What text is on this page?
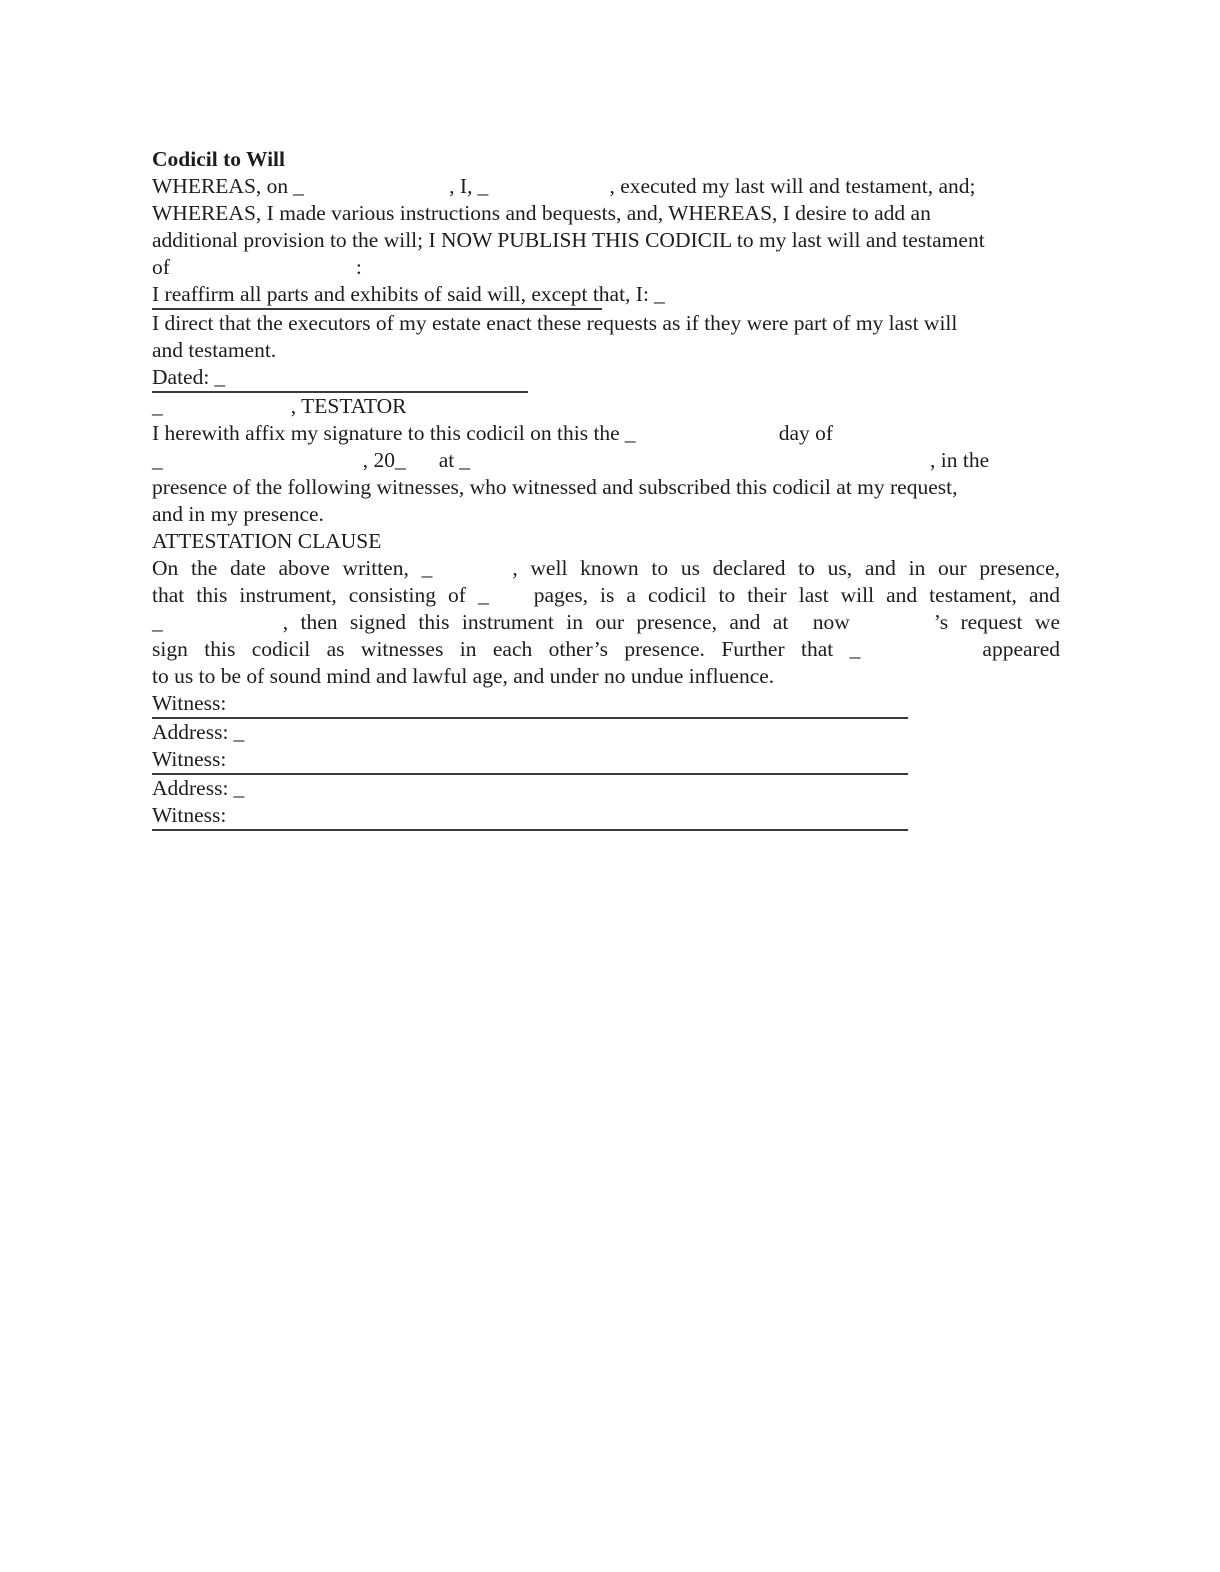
Codicil to Will
WHEREAS, on _	, I, _	, executed my last will and testament, and;
WHEREAS, I made various instructions and bequests, and, WHEREAS, I desire to add an
additional provision to the will; I NOW PUBLISH THIS CODICIL to my last will and testament
of	:
I reaffirm all parts and exhibits of said will, except that, I: _
I direct that the executors of my estate enact these requests as if they were part of my last will
and testament.
Dated: _
_	, TESTATOR
I herewith affix my signature to this codicil on this the _	day of
_	, 20_ at _	, in the
presence of the following witnesses, who witnessed and subscribed this codicil at my request,
and in my presence.
ATTESTATION CLAUSE
On the date above written, _	, well known to us declared to us, and in our presence,
that this instrument, consisting of _ pages, is a codicil to their last will and testament, and
_	, then signed this instrument in our presence, and at now	’s request we
sign this codicil as witnesses in each other’s presence. Further that _	appeared
to us to be of sound mind and lawful age, and under no undue influence.
Witness:
Address: _
Witness:
Address: _
Witness:
